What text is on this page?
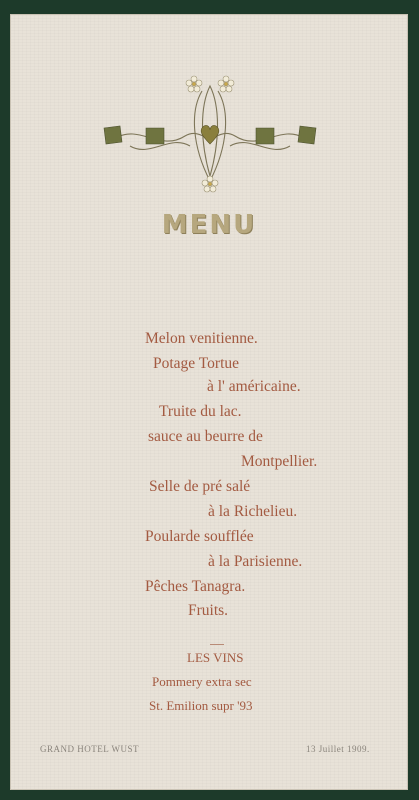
MENU
Melon venitienne.
Potage Tortue
à l' américaine.
Truite du lac.
sauce au beurre de
Montpellier.
Selle de pré salé
à la Richelieu.
Poularde soufflée
à la Parisienne.
Pêches Tanagra.
Fruits.
LES VINS
Pommery extra sec
St. Emilion supr '93
GRAND HOTEL WUST	13 Juillet 1909.
